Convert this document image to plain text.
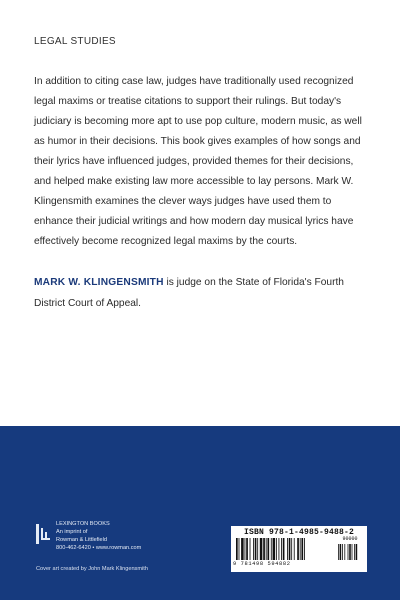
LEGAL STUDIES

In addition to citing case law, judges have traditionally used recognized legal maxims or treatise citations to support their rulings. But today's judiciary is becoming more apt to use pop culture, modern music, as well as humor in their decisions. This book gives examples of how songs and their lyrics have influenced judges, provided themes for their decisions, and helped make existing law more accessible to lay persons. Mark W. Klingensmith examines the clever ways judges have used them to enhance their judicial writings and how modern day musical lyrics have effectively become recognized legal maxims by the courts.

MARK W. KLINGENSMITH is judge on the State of Florida's Fourth District Court of Appeal.

LEXINGTON BOOKS
An imprint of
Rowman & Littlefield
800-462-6420 • www.rowman.com
Cover art created by John Mark Klingensmith
ISBN 978-1-4985-9488-2
9 781498 594882
90000
